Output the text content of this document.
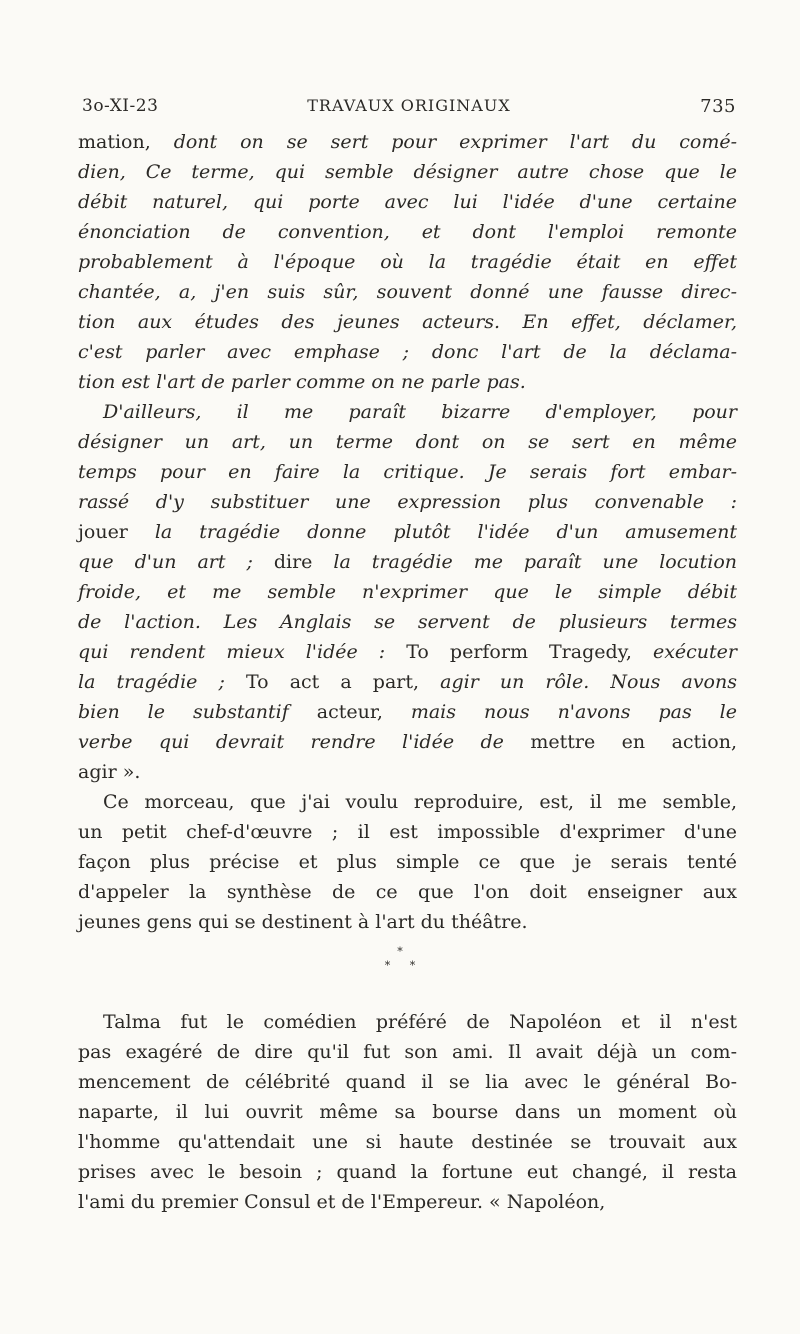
3o-XI-23	TRAVAUX ORIGINAUX	735
mation, dont on se sert pour exprimer l'art du comé-
dien, Ce terme, qui semble désigner autre chose que le
débit naturel, qui porte avec lui l'idée d'une certaine
énonciation de convention, et dont l'emploi remonte
probablement à l'époque où la tragédie était en effet
chantée, a, j'en suis sûr, souvent donné une fausse direc-
tion aux études des jeunes acteurs. En effet, déclamer,
c'est parler avec emphase ; donc l'art de la déclama-
tion est l'art de parler comme on ne parle pas.
D'ailleurs, il me paraît bizarre d'employer, pour
désigner un art, un terme dont on se sert en même
temps pour en faire la critique. Je serais fort embar-
rassé d'y substituer une expression plus convenable :
jouer la tragédie donne plutôt l'idée d'un amusement
que d'un art ; dire la tragédie me paraît une locution
froide, et me semble n'exprimer que le simple débit
de l'action. Les Anglais se servent de plusieurs termes
qui rendent mieux l'idée : To perform Tragedy, exécuter
la tragédie ; To act a part, agir un rôle. Nous avons
bien le substantif acteur, mais nous n'avons pas le
verbe qui devrait rendre l'idée de mettre en action,
agir ».
Ce morceau, que j'ai voulu reproduire, est, il me semble,
un petit chef-d'œuvre ; il est impossible d'exprimer d'une
façon plus précise et plus simple ce que je serais tenté
d'appeler la synthèse de ce que l'on doit enseigner aux
jeunes gens qui se destinent à l'art du théâtre.
*
* *
Talma fut le comédien préféré de Napoléon et il n'est
pas exagéré de dire qu'il fut son ami. Il avait déjà un com-
mencement de célébrité quand il se lia avec le général Bo-
naparte, il lui ouvrit même sa bourse dans un moment où
l'homme qu'attendait une si haute destinée se trouvait aux
prises avec le besoin ; quand la fortune eut changé, il resta
l'ami du premier Consul et de l'Empereur. « Napoléon,
